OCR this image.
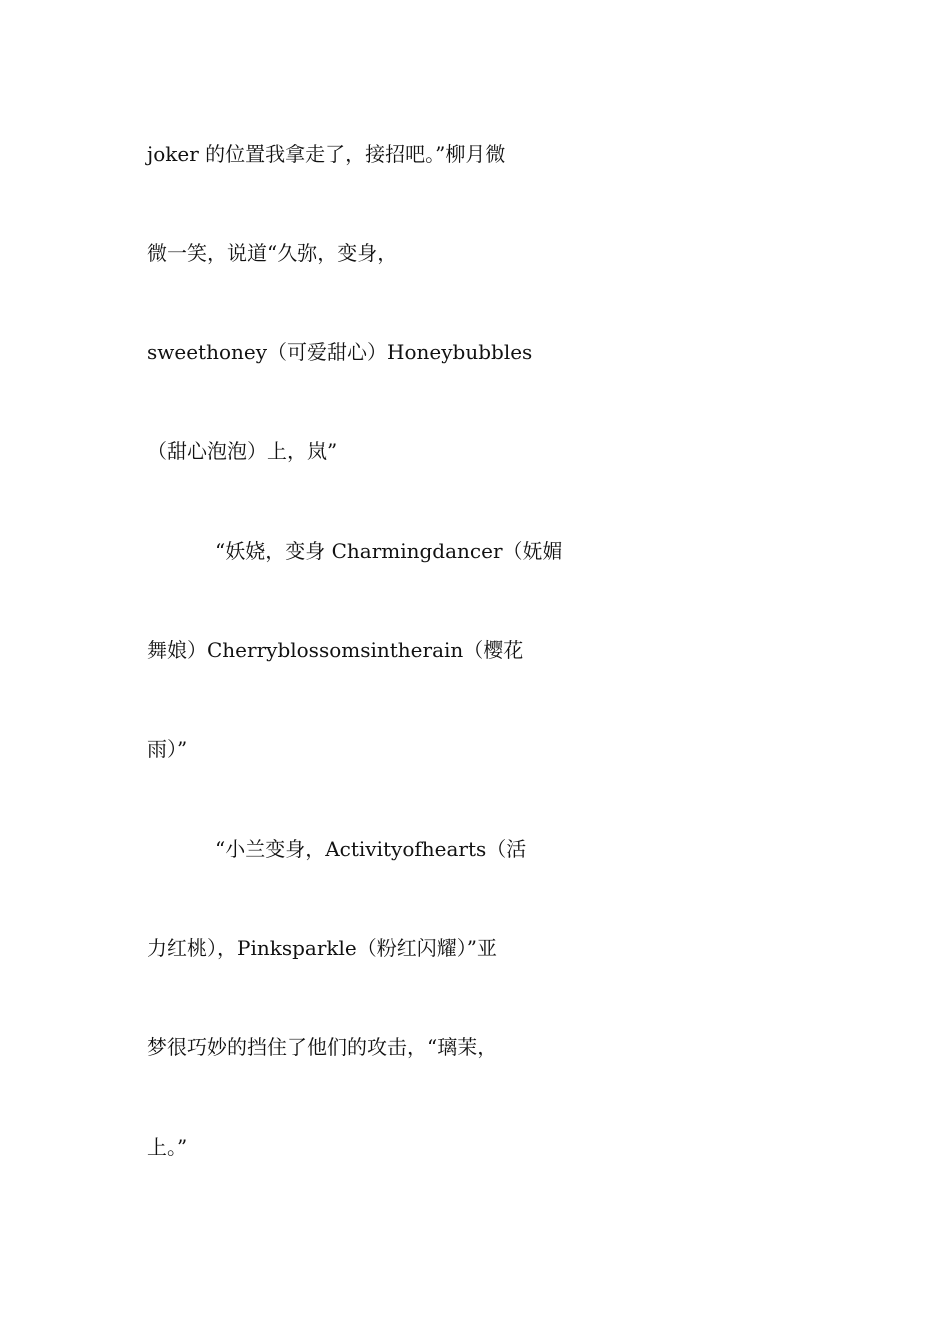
joker 的位置我拿走了，接招吧。”柳月微
微一笑，说道“久弥，变身，
sweethoney（可爱甜心）Honeybubbles
（甜心泡泡）上，岚”
“妖娆，变身 Charmingdancer（妩媚
舞娘）Cherryblossomsintherain（樱花
雨）”
“小兰变身，Activityofhearts（活
力红桃），Pinksparkle（粉红闪耀）”亚
梦很巧妙的挡住了他们的攻击，“璃茉，
上。”
